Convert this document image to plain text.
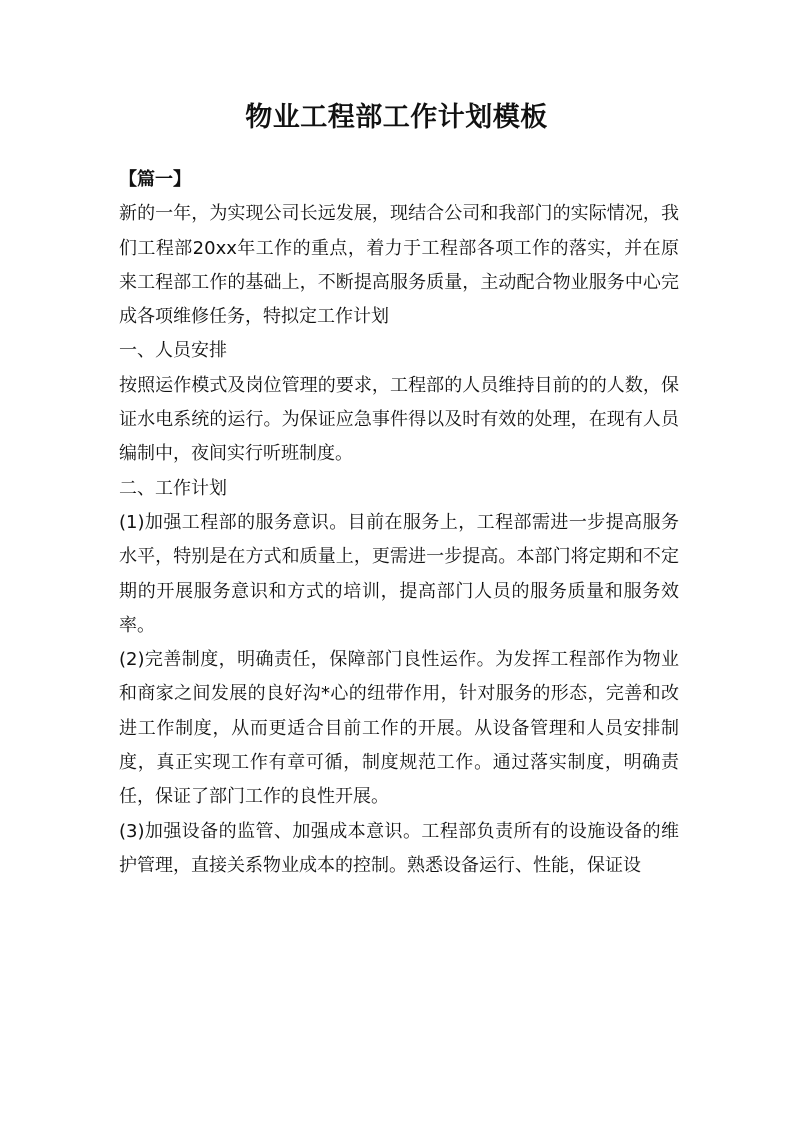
物业工程部工作计划模板

【篇一】

新的一年，为实现公司长远发展，现结合公司和我部门的实际情况，我们工程部20xx年工作的重点，着力于工程部各项工作的落实，并在原来工程部工作的基础上，不断提高服务质量，主动配合物业服务中心完成各项维修任务，特拟定工作计划

一、人员安排

按照运作模式及岗位管理的要求，工程部的人员维持目前的的人数，保证水电系统的运行。为保证应急事件得以及时有效的处理，在现有人员编制中，夜间实行听班制度。

二、工作计划

(1)加强工程部的服务意识。目前在服务上，工程部需进一步提高服务水平，特别是在方式和质量上，更需进一步提高。本部门将定期和不定期的开展服务意识和方式的培训，提高部门人员的服务质量和服务效率。

(2)完善制度，明确责任，保障部门良性运作。为发挥工程部作为物业和商家之间发展的良好沟*心的纽带作用，针对服务的形态，完善和改进工作制度，从而更适合目前工作的开展。从设备管理和人员安排制度，真正实现工作有章可循，制度规范工作。通过落实制度，明确责任，保证了部门工作的良性开展。

(3)加强设备的监管、加强成本意识。工程部负责所有的设施设备的维护管理，直接关系物业成本的控制。熟悉设备运行、性能，保证设
